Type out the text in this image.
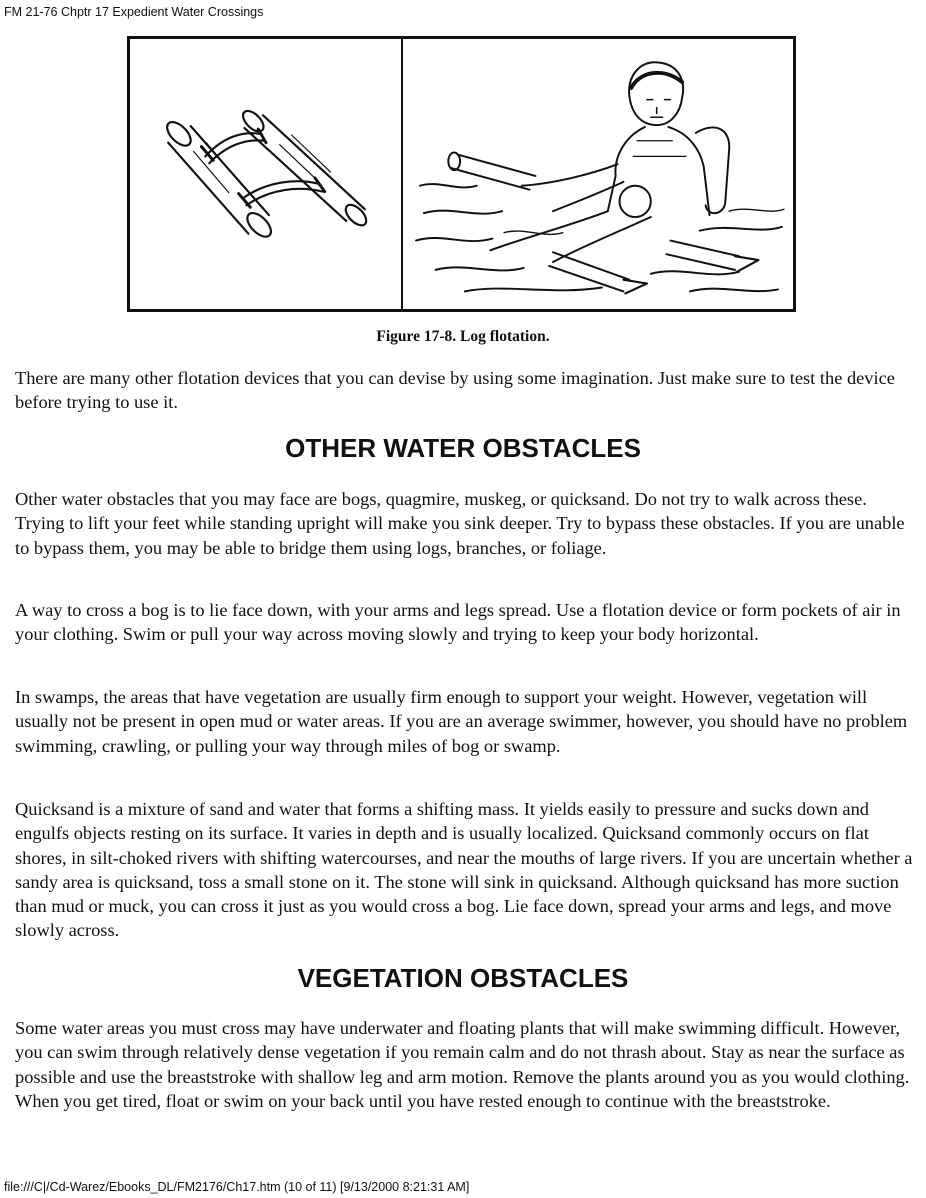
FM 21-76 Chptr 17 Expedient Water Crossings
Figure 17-8. Log flotation.

There are many other flotation devices that you can devise by using some imagination. Just make sure to test the device before trying to use it.

OTHER WATER OBSTACLES

Other water obstacles that you may face are bogs, quagmire, muskeg, or quicksand. Do not try to walk across these. Trying to lift your feet while standing upright will make you sink deeper. Try to bypass these obstacles. If you are unable to bypass them, you may be able to bridge them using logs, branches, or foliage.

A way to cross a bog is to lie face down, with your arms and legs spread. Use a flotation device or form pockets of air in your clothing. Swim or pull your way across moving slowly and trying to keep your body horizontal.

In swamps, the areas that have vegetation are usually firm enough to support your weight. However, vegetation will usually not be present in open mud or water areas. If you are an average swimmer, however, you should have no problem swimming, crawling, or pulling your way through miles of bog or swamp.

Quicksand is a mixture of sand and water that forms a shifting mass. It yields easily to pressure and sucks down and engulfs objects resting on its surface. It varies in depth and is usually localized. Quicksand commonly occurs on flat shores, in silt-choked rivers with shifting watercourses, and near the mouths of large rivers. If you are uncertain whether a sandy area is quicksand, toss a small stone on it. The stone will sink in quicksand. Although quicksand has more suction than mud or muck, you can cross it just as you would cross a bog. Lie face down, spread your arms and legs, and move slowly across.

VEGETATION OBSTACLES

Some water areas you must cross may have underwater and floating plants that will make swimming difficult. However, you can swim through relatively dense vegetation if you remain calm and do not thrash about. Stay as near the surface as possible and use the breaststroke with shallow leg and arm motion. Remove the plants around you as you would clothing. When you get tired, float or swim on your back until you have rested enough to continue with the breaststroke.

file:///C|/Cd-Warez/Ebooks_DL/FM2176/Ch17.htm (10 of 11) [9/13/2000 8:21:31 AM]
